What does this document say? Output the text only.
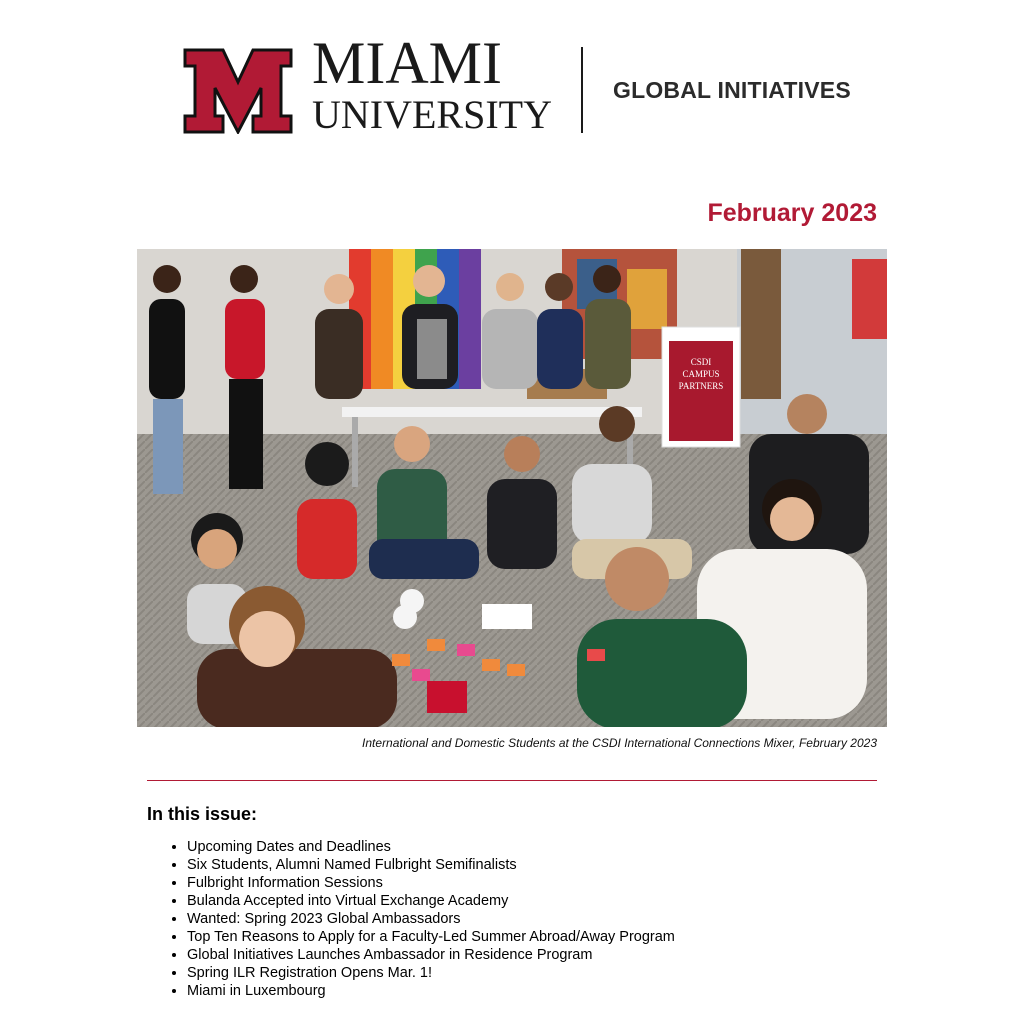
MIAMI
UNIVERSITY
GLOBAL INITIATIVES
February 2023
CSDI
CAMPUS
PARTNERS
International and Domestic Students at the CSDI International Connections Mixer, February 2023
In this issue:
• Upcoming Dates and Deadlines
• Six Students, Alumni Named Fulbright Semifinalists
• Fulbright Information Sessions
• Bulanda Accepted into Virtual Exchange Academy
• Wanted: Spring 2023 Global Ambassadors
• Top Ten Reasons to Apply for a Faculty-Led Summer Abroad/Away Program
• Global Initiatives Launches Ambassador in Residence Program
• Spring ILR Registration Opens Mar. 1!
• Miami in Luxembourg
